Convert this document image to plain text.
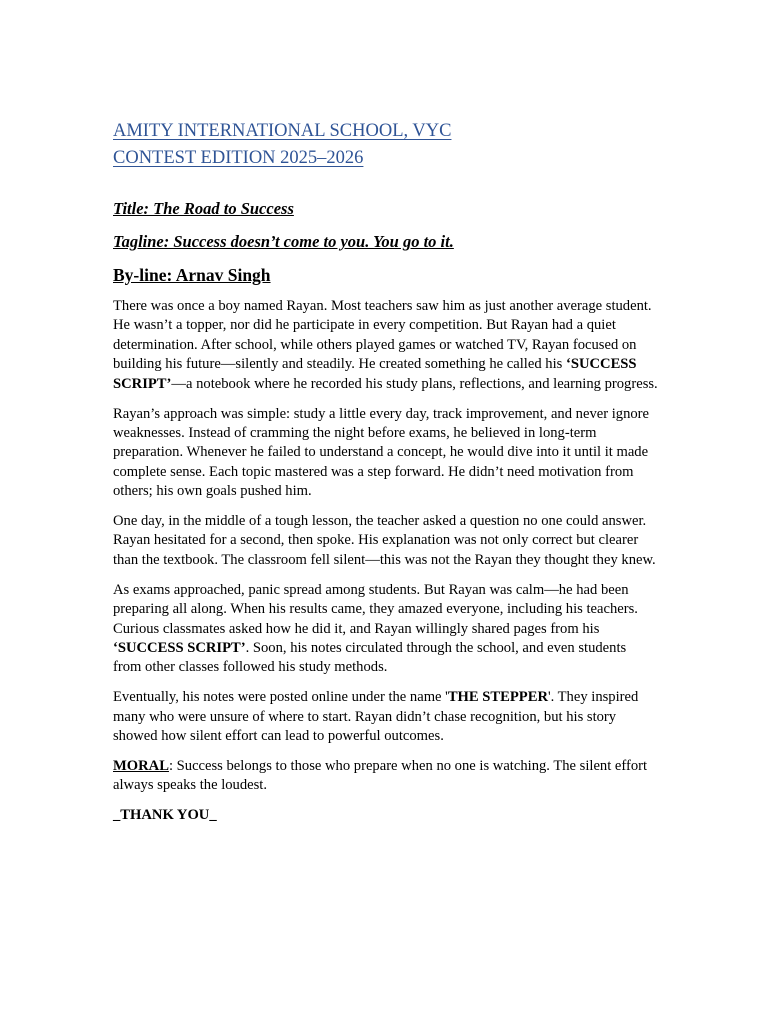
AMITY INTERNATIONAL SCHOOL, VYC
CONTEST EDITION 2025–2026

Title: The Road to Success

Tagline: Success doesn’t come to you. You go to it.

By-line: Arnav Singh

There was once a boy named Rayan. Most teachers saw him as just another average student. He wasn’t a topper, nor did he participate in every competition. But Rayan had a quiet determination. After school, while others played games or watched TV, Rayan focused on building his future—silently and steadily. He created something he called his ‘SUCCESS SCRIPT’—a notebook where he recorded his study plans, reflections, and learning progress.

Rayan’s approach was simple: study a little every day, track improvement, and never ignore weaknesses. Instead of cramming the night before exams, he believed in long-term preparation. Whenever he failed to understand a concept, he would dive into it until it made complete sense. Each topic mastered was a step forward. He didn’t need motivation from others; his own goals pushed him.

One day, in the middle of a tough lesson, the teacher asked a question no one could answer. Rayan hesitated for a second, then spoke. His explanation was not only correct but clearer than the textbook. The classroom fell silent—this was not the Rayan they thought they knew.

As exams approached, panic spread among students. But Rayan was calm—he had been preparing all along. When his results came, they amazed everyone, including his teachers. Curious classmates asked how he did it, and Rayan willingly shared pages from his ‘SUCCESS SCRIPT’. Soon, his notes circulated through the school, and even students from other classes followed his study methods.

Eventually, his notes were posted online under the name 'THE STEPPER'. They inspired many who were unsure of where to start. Rayan didn’t chase recognition, but his story showed how silent effort can lead to powerful outcomes.

MORAL: Success belongs to those who prepare when no one is watching. The silent effort always speaks the loudest.

_THANK YOU_
